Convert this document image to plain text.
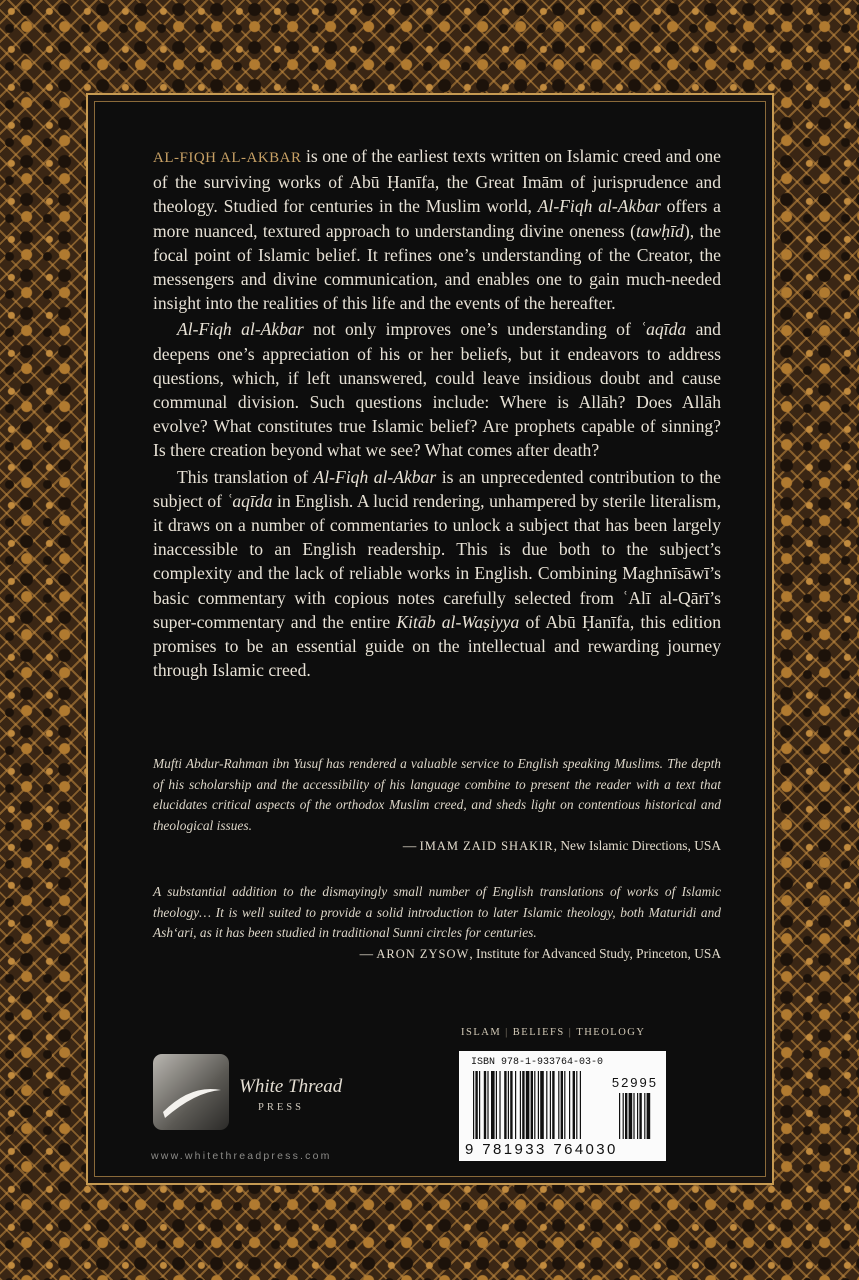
AL-FIQH AL-AKBAR is one of the earliest texts written on Islamic creed and one of the surviving works of Abū Ḥanīfa, the Great Imām of jurisprudence and theology. Studied for centuries in the Muslim world, Al-Fiqh al-Akbar offers a more nuanced, textured approach to understanding divine oneness (tawḥīd), the focal point of Islamic belief. It refines one’s understanding of the Creator, the messengers and divine communication, and enables one to gain much-needed insight into the realities of this life and the events of the hereafter.

Al-Fiqh al-Akbar not only improves one’s understanding of ʿaqīda and deepens one’s appreciation of his or her beliefs, but it endeavors to address questions, which, if left unanswered, could leave insidious doubt and cause communal division. Such questions include: Where is Allāh? Does Allāh evolve? What constitutes true Islamic belief? Are prophets capable of sinning? Is there creation beyond what we see? What comes after death?

This translation of Al-Fiqh al-Akbar is an unprecedented contribution to the subject of ʿaqīda in English. A lucid rendering, unhampered by sterile literalism, it draws on a number of commentaries to unlock a subject that has been largely inaccessible to an English readership. This is due both to the subject’s complexity and the lack of reliable works in English. Combining Maghnīsāwī’s basic commentary with copious notes carefully selected from ʿAlī al-Qārī’s super-commentary and the entire Kitāb al-Waṣiyya of Abū Ḥanīfa, this edition promises to be an essential guide on the intellectual and rewarding journey through Islamic creed.

Mufti Abdur-Rahman ibn Yusuf has rendered a valuable service to English speaking Muslims. The depth of his scholarship and the accessibility of his language combine to present the reader with a text that elucidates critical aspects of the orthodox Muslim creed, and sheds light on contentious historical and theological issues.
— IMAM ZAID SHAKIR, New Islamic Directions, USA
A substantial addition to the dismayingly small number of English translations of works of Islamic theology… It is well suited to provide a solid introduction to later Islamic theology, both Maturidi and Ash‘ari, as it has been studied in traditional Sunni circles for centuries.
— ARON ZYSOW, Institute for Advanced Study, Princeton, USA
ISLAM | BELIEFS | THEOLOGY
White Thread
PRESS
www.whitethreadpress.com
ISBN 978-1-933764-03-0
52995
9 781933 764030
